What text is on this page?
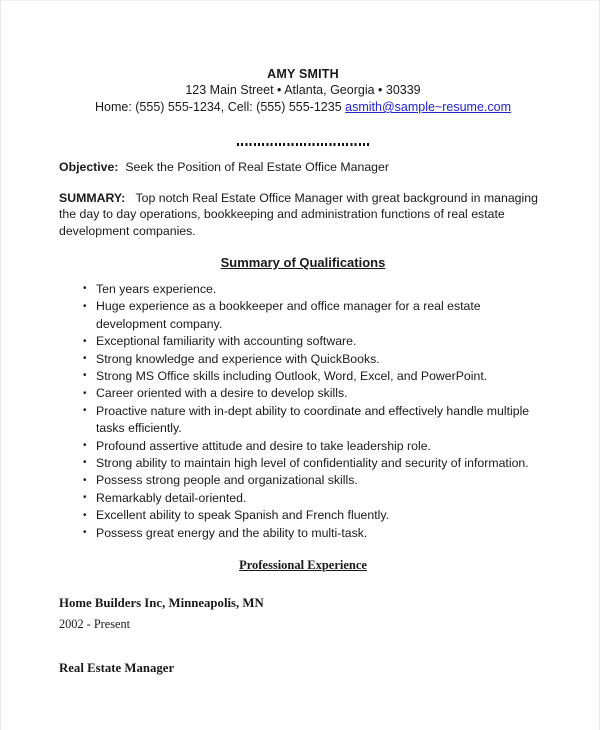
AMY SMITH
123 Main Street • Atlanta, Georgia • 30339
Home: (555) 555-1234, Cell: (555) 555-1235 asmith@sample~resume.com
Objective: Seek the Position of Real Estate Office Manager
SUMMARY: Top notch Real Estate Office Manager with great background in managing the day to day operations, bookkeeping and administration functions of real estate development companies.
Summary of Qualifications
• Ten years experience.
• Huge experience as a bookkeeper and office manager for a real estate development company.
• Exceptional familiarity with accounting software.
• Strong knowledge and experience with QuickBooks.
• Strong MS Office skills including Outlook, Word, Excel, and PowerPoint.
• Career oriented with a desire to develop skills.
• Proactive nature with in-dept ability to coordinate and effectively handle multiple tasks efficiently.
• Profound assertive attitude and desire to take leadership role.
• Strong ability to maintain high level of confidentiality and security of information.
• Possess strong people and organizational skills.
• Remarkably detail-oriented.
• Excellent ability to speak Spanish and French fluently.
• Possess great energy and the ability to multi-task.
Professional Experience
Home Builders Inc, Minneapolis, MN
2002 - Present
Real Estate Manager
